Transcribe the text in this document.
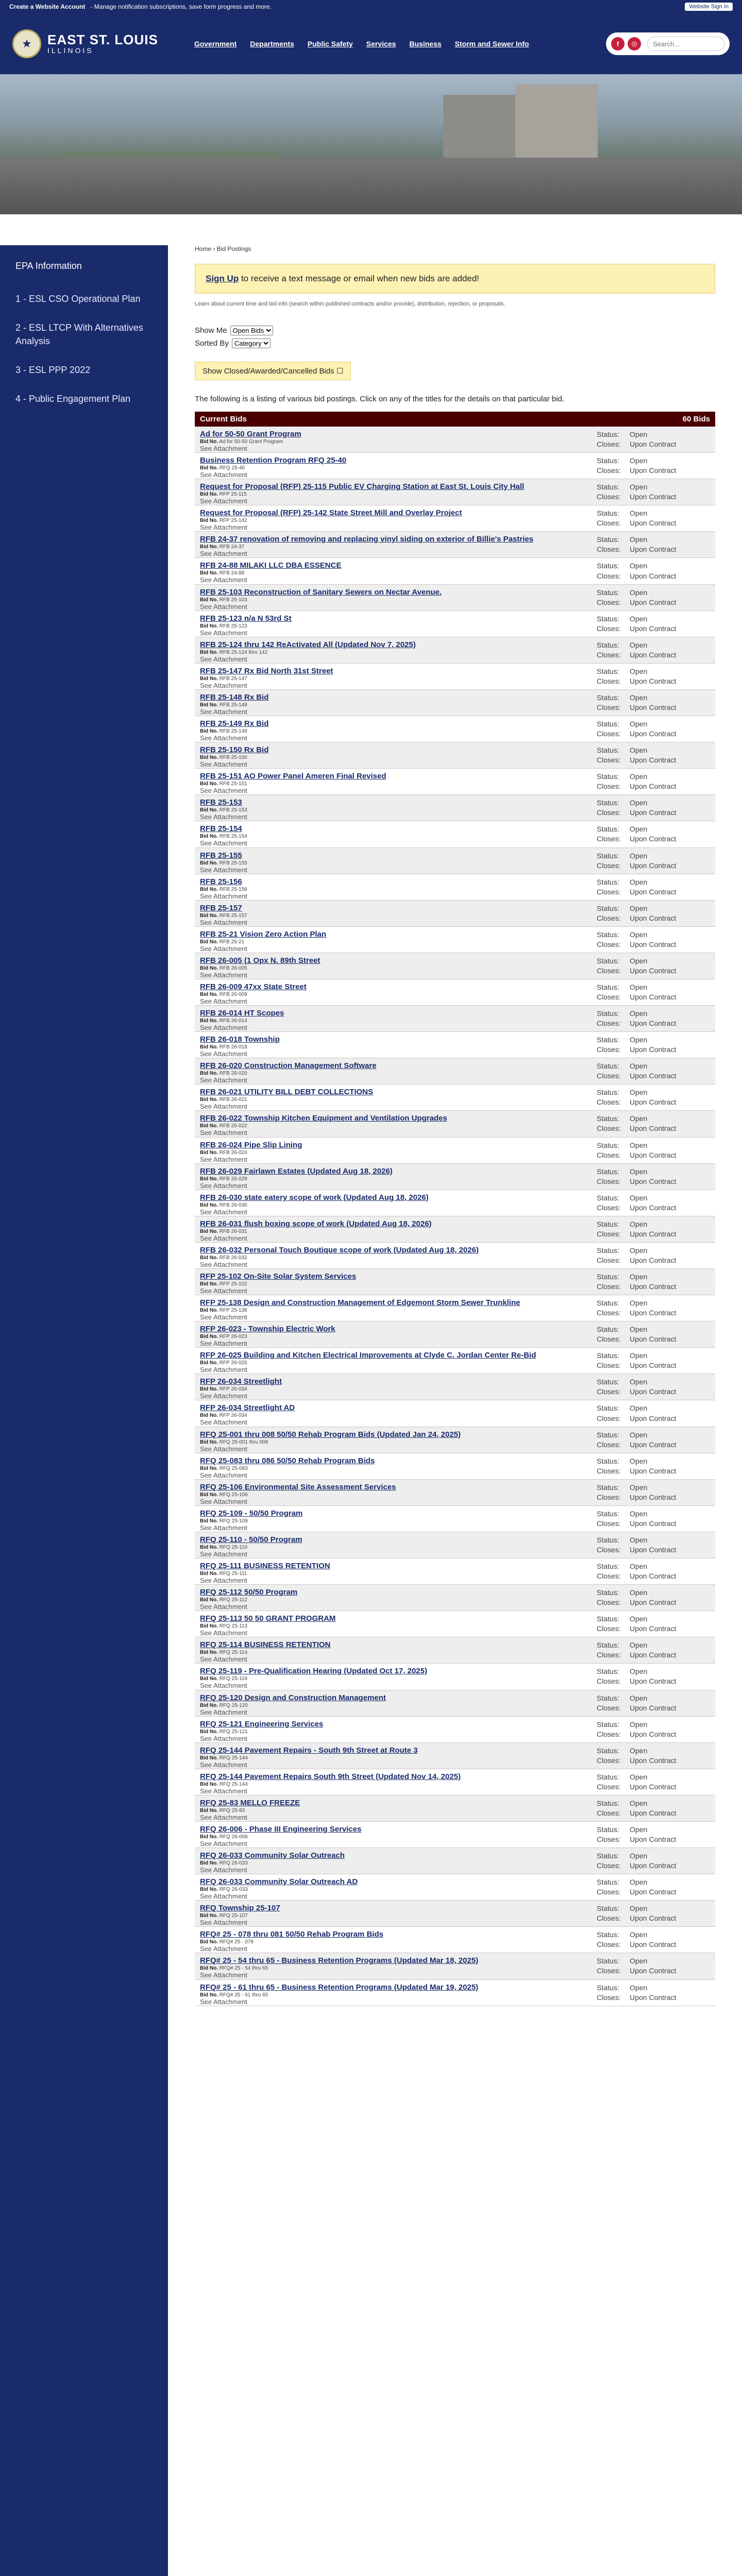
Create a Website Account - Manage notification subscriptions, save form progress and more.	Website Sign In
★	EAST ST. LOUIS
ILLINOIS
Government Departments Public Safety Services Business Storm and Sewer Info	f	◎
Search...
EPA Information
1 - ESL CSO Operational Plan
2 - ESL LTCP With Alternatives Analysis
3 - ESL PPP 2022
4 - Public Engagement Plan
Home › Bid Postings
Sign Up to receive a text message or email when new bids are added!
Learn about current time and bid info (search within published contracts and/or provide), distribution, rejection, or proposals.
Show Me
Open Bids
Sorted By
Category
Show Closed/Awarded/Cancelled Bids ☐
The following is a listing of various bid postings. Click on any of the titles for the details on that particular bid.
Current Bids	60 Bids
Ad for 50-50 Grant Program
Bid No. Ad for 50-50 Grant Program
See Attachment
Status:	Open
Closes:	Upon Contract
Business Retention Program RFQ 25-40
Bid No. RFQ 25-40
See Attachment
Status:	Open
Closes:	Upon Contract
Request for Proposal (RFP) 25-115 Public EV Charging Station at East St. Louis City Hall
Bid No. RFP 25-115
See Attachment
Status:	Open
Closes:	Upon Contract
Request for Proposal (RFP) 25-142 State Street Mill and Overlay Project
Bid No. RFP 25-142
See Attachment
Status:	Open
Closes:	Upon Contract
RFB 24-37 renovation of removing and replacing vinyl siding on exterior of Billie's Pastries
Bid No. RFB 24-37
See Attachment
Status:	Open
Closes:	Upon Contract
RFB 24-88 MILAKI LLC DBA ESSENCE
Bid No. RFB 24-88
See Attachment
Status:	Open
Closes:	Upon Contract
RFB 25-103 Reconstruction of Sanitary Sewers on Nectar Avenue.
Bid No. RFB 25-103
See Attachment
Status:	Open
Closes:	Upon Contract
RFB 25-123 n/a N 53rd St
Bid No. RFB 25-123
See Attachment
Status:	Open
Closes:	Upon Contract
RFB 25-124 thru 142 ReActivated All (Updated Nov 7, 2025)
Bid No. RFB 25-124 thru 142
See Attachment
Status:	Open
Closes:	Upon Contract
RFB 25-147 Rx Bid North 31st Street
Bid No. RFB 25-147
See Attachment
Status:	Open
Closes:	Upon Contract
RFB 25-148 Rx Bid
Bid No. RFB 25-148
See Attachment
Status:	Open
Closes:	Upon Contract
RFB 25-149 Rx Bid
Bid No. RFB 25-149
See Attachment
Status:	Open
Closes:	Upon Contract
RFB 25-150 Rx Bid
Bid No. RFB 25-150
See Attachment
Status:	Open
Closes:	Upon Contract
RFB 25-151 AO Power Panel Ameren Final Revised
Bid No. RFB 25-151
See Attachment
Status:	Open
Closes:	Upon Contract
RFB 25-153
Bid No. RFB 25-153
See Attachment
Status:	Open
Closes:	Upon Contract
RFB 25-154
Bid No. RFB 25-154
See Attachment
Status:	Open
Closes:	Upon Contract
RFB 25-155
Bid No. RFB 25-155
See Attachment
Status:	Open
Closes:	Upon Contract
RFB 25-156
Bid No. RFB 25-156
See Attachment
Status:	Open
Closes:	Upon Contract
RFB 25-157
Bid No. RFB 25-157
See Attachment
Status:	Open
Closes:	Upon Contract
RFB 25-21 Vision Zero Action Plan
Bid No. RFB 25-21
See Attachment
Status:	Open
Closes:	Upon Contract
RFB 26-005 (1 Opx N. 89th Street
Bid No. RFB 26-005
See Attachment
Status:	Open
Closes:	Upon Contract
RFB 26-009 47xx State Street
Bid No. RFB 26-009
See Attachment
Status:	Open
Closes:	Upon Contract
RFB 26-014 HT Scopes
Bid No. RFB 26-014
See Attachment
Status:	Open
Closes:	Upon Contract
RFB 26-018 Township
Bid No. RFB 26-018
See Attachment
Status:	Open
Closes:	Upon Contract
RFB 26-020 Construction Management Software
Bid No. RFB 26-020
See Attachment
Status:	Open
Closes:	Upon Contract
RFB 26-021 UTILITY BILL DEBT COLLECTIONS
Bid No. RFB 26-021
See Attachment
Status:	Open
Closes:	Upon Contract
RFB 26-022 Township Kitchen Equipment and Ventilation Upgrades
Bid No. RFB 26-022
See Attachment
Status:	Open
Closes:	Upon Contract
RFB 26-024 Pipe Slip Lining
Bid No. RFB 26-024
See Attachment
Status:	Open
Closes:	Upon Contract
RFB 26-029 Fairlawn Estates (Updated Aug 18, 2026)
Bid No. RFB 26-029
See Attachment
Status:	Open
Closes:	Upon Contract
RFB 26-030 state eatery scope of work (Updated Aug 18, 2026)
Bid No. RFB 26-030
See Attachment
Status:	Open
Closes:	Upon Contract
RFB 26-031 flush boxing scope of work (Updated Aug 18, 2026)
Bid No. RFB 26-031
See Attachment
Status:	Open
Closes:	Upon Contract
RFB 26-032 Personal Touch Boutique scope of work (Updated Aug 18, 2026)
Bid No. RFB 26-032
See Attachment
Status:	Open
Closes:	Upon Contract
RFP 25-102 On-Site Solar System Services
Bid No. RFP 25-102
See Attachment
Status:	Open
Closes:	Upon Contract
RFP 25-138 Design and Construction Management of Edgemont Storm Sewer Trunkline
Bid No. RFP 25-138
See Attachment
Status:	Open
Closes:	Upon Contract
RFP 26-023 - Township Electric Work
Bid No. RFP 26-023
See Attachment
Status:	Open
Closes:	Upon Contract
RFP 26-025 Building and Kitchen Electrical Improvements at Clyde C. Jordan Center Re-Bid
Bid No. RFP 26-025
See Attachment
Status:	Open
Closes:	Upon Contract
RFP 26-034 Streetlight
Bid No. RFP 26-034
See Attachment
Status:	Open
Closes:	Upon Contract
RFP 26-034 Streetlight AD
Bid No. RFP 26-034
See Attachment
Status:	Open
Closes:	Upon Contract
RFQ 25-001 thru 008 50/50 Rehab Program Bids (Updated Jan 24, 2025)
Bid No. RFQ 25-001 thru 008
See Attachment
Status:	Open
Closes:	Upon Contract
RFQ 25-083 thru 086 50/50 Rehab Program Bids
Bid No. RFQ 25-083
See Attachment
Status:	Open
Closes:	Upon Contract
RFQ 25-106 Environmental Site Assessment Services
Bid No. RFQ 25-106
See Attachment
Status:	Open
Closes:	Upon Contract
RFQ 25-109 - 50/50 Program
Bid No. RFQ 25-109
See Attachment
Status:	Open
Closes:	Upon Contract
RFQ 25-110 - 50/50 Program
Bid No. RFQ 25-110
See Attachment
Status:	Open
Closes:	Upon Contract
RFQ 25-111 BUSINESS RETENTION
Bid No. RFQ 25-111
See Attachment
Status:	Open
Closes:	Upon Contract
RFQ 25-112 50/50 Program
Bid No. RFQ 25-112
See Attachment
Status:	Open
Closes:	Upon Contract
RFQ 25-113 50 50 GRANT PROGRAM
Bid No. RFQ 25-113
See Attachment
Status:	Open
Closes:	Upon Contract
RFQ 25-114 BUSINESS RETENTION
Bid No. RFQ 25-114
See Attachment
Status:	Open
Closes:	Upon Contract
RFQ 25-119 - Pre-Qualification Hearing (Updated Oct 17, 2025)
Bid No. RFQ 25-119
See Attachment
Status:	Open
Closes:	Upon Contract
RFQ 25-120 Design and Construction Management
Bid No. RFQ 25-120
See Attachment
Status:	Open
Closes:	Upon Contract
RFQ 25-121 Engineering Services
Bid No. RFQ 25-121
See Attachment
Status:	Open
Closes:	Upon Contract
RFQ 25-144 Pavement Repairs - South 9th Street at Route 3
Bid No. RFQ 25-144
See Attachment
Status:	Open
Closes:	Upon Contract
RFQ 25-144 Pavement Repairs South 9th Street (Updated Nov 14, 2025)
Bid No. RFQ 25-144
See Attachment
Status:	Open
Closes:	Upon Contract
RFQ 25-83 MELLO FREEZE
Bid No. RFQ 25-83
See Attachment
Status:	Open
Closes:	Upon Contract
RFQ 26-006 - Phase III Engineering Services
Bid No. RFQ 26-006
See Attachment
Status:	Open
Closes:	Upon Contract
RFQ 26-033 Community Solar Outreach
Bid No. RFQ 26-033
See Attachment
Status:	Open
Closes:	Upon Contract
RFQ 26-033 Community Solar Outreach AD
Bid No. RFQ 26-033
See Attachment
Status:	Open
Closes:	Upon Contract
RFQ Township 25-107
Bid No. RFQ 25-107
See Attachment
Status:	Open
Closes:	Upon Contract
RFQ# 25 - 078 thru 081 50/50 Rehab Program Bids
Bid No. RFQ# 25 - 078
See Attachment
Status:	Open
Closes:	Upon Contract
RFQ# 25 - 54 thru 65 - Business Retention Programs (Updated Mar 18, 2025)
Bid No. RFQ# 25 - 54 thru 65
See Attachment
Status:	Open
Closes:	Upon Contract
RFQ# 25 - 61 thru 65 - Business Retention Programs (Updated Mar 19, 2025)
Bid No. RFQ# 25 - 61 thru 65
See Attachment
Status:	Open
Closes:	Upon Contract
